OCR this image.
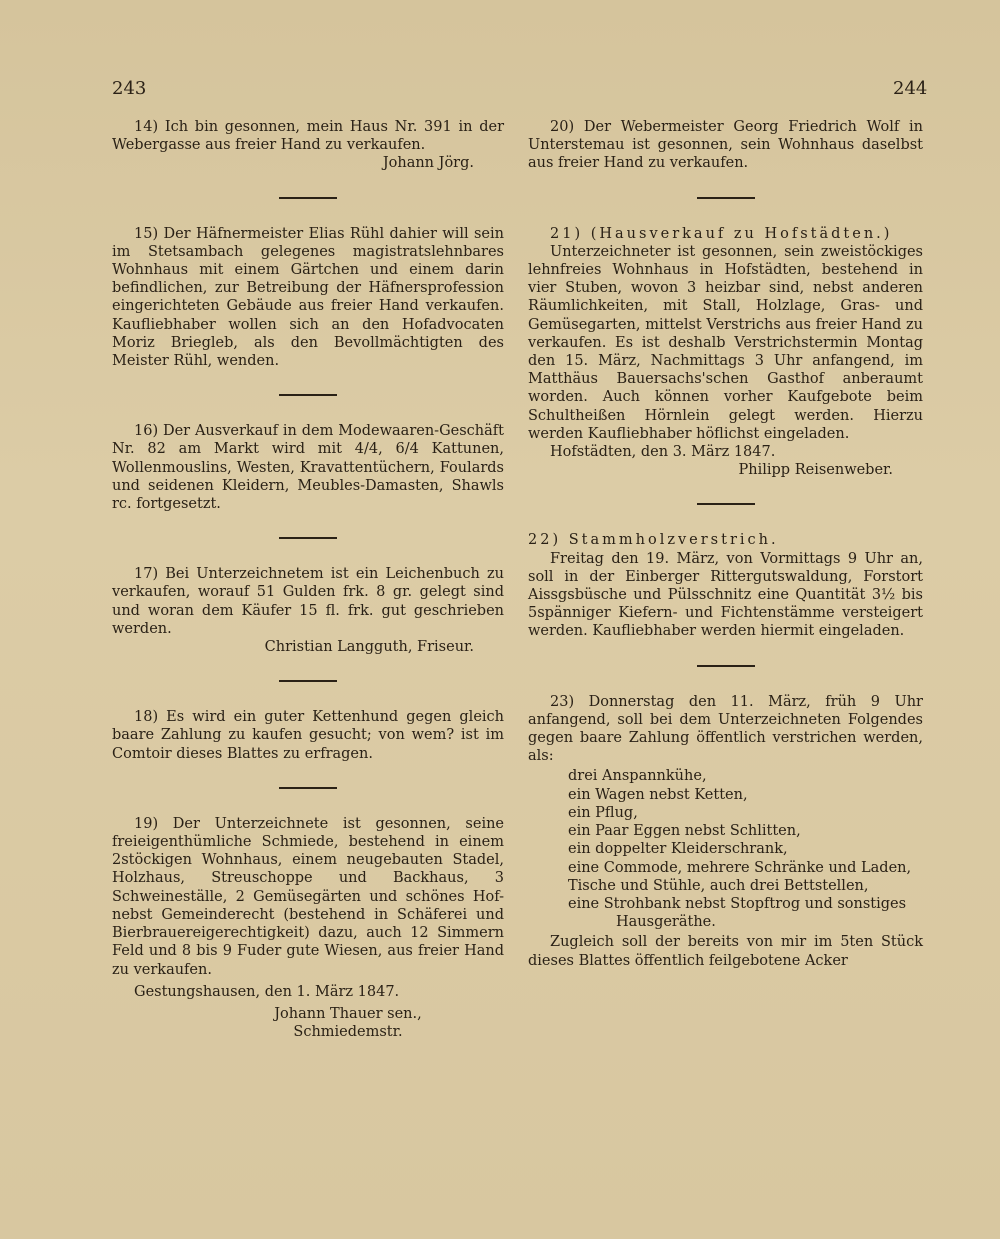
243	244

14) Ich bin gesonnen, mein Haus Nr. 391 in der Webergasse aus freier Hand zu verkaufen.

Johann Jörg.

15) Der Häfnermeister Elias Rühl dahier will sein im Stetsambach gelegenes magistratslehnbares Wohnhaus mit einem Gärtchen und einem darin befindlichen, zur Betreibung der Häfnersprofession eingerichteten Gebäude aus freier Hand verkaufen. Kaufliebhaber wollen sich an den Hofadvocaten Moriz Briegleb, als den Bevollmächtigten des Meister Rühl, wenden.

16) Der Ausverkauf in dem Modewaaren-Geschäft Nr. 82 am Markt wird mit 4/4, 6/4 Kattunen, Wollenmouslins, Westen, Kravattentüchern, Foulards und seidenen Kleidern, Meubles-Damasten, Shawls rc. fortgesetzt.

17) Bei Unterzeichnetem ist ein Leichenbuch zu verkaufen, worauf 51 Gulden frk. 8 gr. gelegt sind und woran dem Käufer 15 fl. frk. gut geschrieben werden.

Christian Langguth, Friseur.

18) Es wird ein guter Kettenhund gegen gleich baare Zahlung zu kaufen gesucht; von wem? ist im Comtoir dieses Blattes zu erfragen.

19) Der Unterzeichnete ist gesonnen, seine freieigenthümliche Schmiede, bestehend in einem 2stöckigen Wohnhaus, einem neugebauten Stadel, Holzhaus, Streuschoppe und Backhaus, 3 Schweineställe, 2 Gemüsegärten und schönes Hof- nebst Gemeinderecht (bestehend in Schäferei und Bierbrauereigerechtigkeit) dazu, auch 12 Simmern Feld und 8 bis 9 Fuder gute Wiesen, aus freier Hand zu verkaufen.

Gestungshausen, den 1. März 1847.

Johann Thauer sen.,

Schmiedemstr.

20) Der Webermeister Georg Friedrich Wolf in Unterstemau ist gesonnen, sein Wohnhaus daselbst aus freier Hand zu verkaufen.

21) (Hausverkauf zu Hofstädten.)

Unterzeichneter ist gesonnen, sein zweistöckiges lehnfreies Wohnhaus in Hofstädten, bestehend in vier Stuben, wovon 3 heizbar sind, nebst anderen Räumlichkeiten, mit Stall, Holzlage, Gras- und Gemüsegarten, mittelst Verstrichs aus freier Hand zu verkaufen. Es ist deshalb Verstrichstermin Montag den 15. März, Nachmittags 3 Uhr anfangend, im Matthäus Bauersachs'schen Gasthof anberaumt worden. Auch können vorher Kaufgebote beim Schultheißen Hörnlein gelegt werden. Hierzu werden Kaufliebhaber höflichst eingeladen.

Hofstädten, den 3. März 1847.

Philipp Reisenweber.

22) Stammholzverstrich.

Freitag den 19. März, von Vormittags 9 Uhr an, soll in der Einberger Rittergutswaldung, Forstort Aissgsbüsche und Pülsschnitz eine Quantität 3½ bis 5spänniger Kiefern- und Fichtenstämme versteigert werden. Kaufliebhaber werden hiermit eingeladen.

23) Donnerstag den 11. März, früh 9 Uhr anfangend, soll bei dem Unterzeichneten Folgendes gegen baare Zahlung öffentlich verstrichen werden, als:

drei Anspannkühe,
ein Wagen nebst Ketten,
ein Pflug,
ein Paar Eggen nebst Schlitten,
ein doppelter Kleiderschrank,
eine Commode, mehrere Schränke und Laden,
Tische und Stühle, auch drei Bettstellen,
eine Strohbank nebst Stopftrog und sonstiges
Hausgeräthe.

Zugleich soll der bereits von mir im 5ten Stück dieses Blattes öffentlich feilgebotene Acker
